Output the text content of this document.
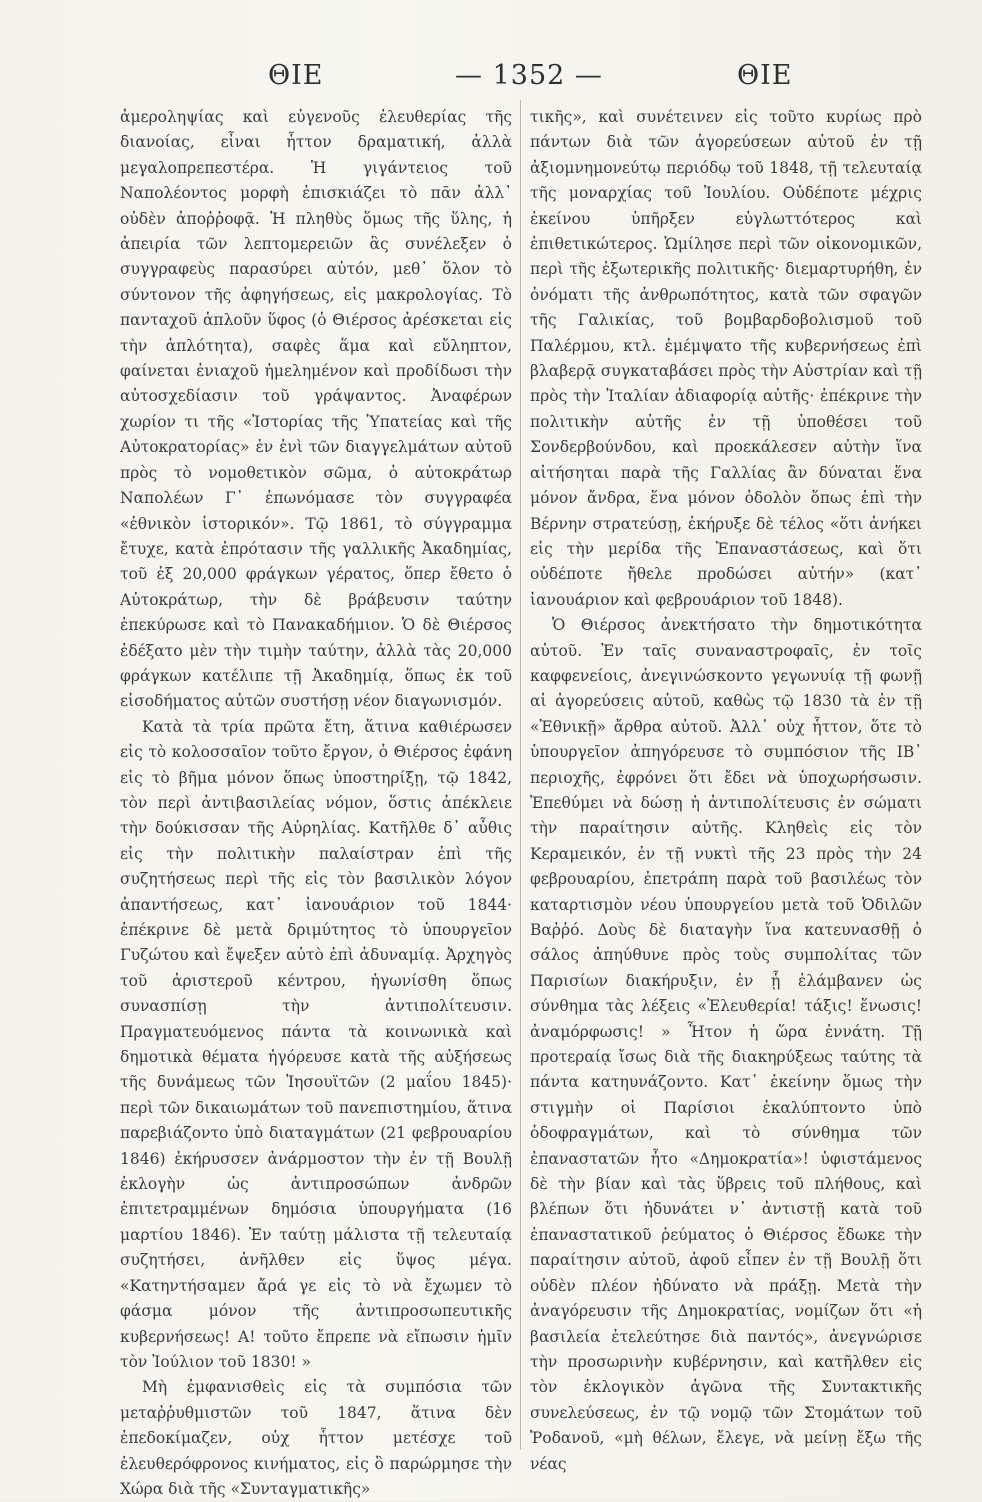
ΘΙΕ	— 1352 —	ΘΙΕ

ἀμεροληψίας καὶ εὐγενοῦς ἐλευθερίας τῆς διανοίας, εἶναι ἧττον δραματική, ἀλλὰ μεγαλοπρεπεστέρα. Ἡ γιγάντειος τοῦ Ναπολέοντος μορφὴ ἐπισκιάζει τὸ πᾶν ἀλλ᾽ οὐδὲν ἀποῤῥοφᾷ. Ἡ πληθὺς ὅμως τῆς ὕλης, ἡ ἀπειρία τῶν λεπτομερειῶν ἃς συνέλεξεν ὁ συγγραφεὺς παρασύρει αὐτόν, μεθ᾽ ὅλον τὸ σύντονον τῆς ἀφηγήσεως, εἰς μακρολογίας. Τὸ πανταχοῦ ἁπλοῦν ὕφος (ὁ Θιέρσος ἀρέσκεται εἰς τὴν ἁπλότητα), σαφὲς ἅμα καὶ εὔληπτον, φαίνεται ἐνιαχοῦ ἠμελημένον καὶ προδίδωσι τὴν αὐτοσχεδίασιν τοῦ γράψαντος. Ἀναφέρων χωρίον τι τῆς «Ἱστορίας τῆς Ὑπατείας καὶ τῆς Αὐτοκρατορίας» ἐν ἑνὶ τῶν διαγγελμάτων αὐτοῦ πρὸς τὸ νομοθετικὸν σῶμα, ὁ αὐτοκράτωρ Ναπολέων Γ᾽ ἐπωνόμασε τὸν συγγραφέα «ἐθνικὸν ἱστορικόν». Τῷ 1861, τὸ σύγγραμμα ἔτυχε, κατὰ ἐπρότασιν τῆς γαλλικῆς Ἀκαδημίας, τοῦ ἐξ 20,000 φράγκων γέρατος, ὅπερ ἔθετο ὁ Αὐτοκράτωρ, τὴν δὲ βράβευσιν ταύτην ἐπεκύρωσε καὶ τὸ Πανακαδήμιον. Ὁ δὲ Θιέρσος ἐδέξατο μὲν τὴν τιμὴν ταύτην, ἀλλὰ τὰς 20,000 φράγκων κατέλιπε τῇ Ἀκαδημίᾳ, ὅπως ἐκ τοῦ εἰσοδήματος αὐτῶν συστήσῃ νέον διαγωνισμόν.

Κατὰ τὰ τρία πρῶτα ἔτη, ἅτινα καθιέρωσεν εἰς τὸ κολοσσαῖον τοῦτο ἔργον, ὁ Θιέρσος ἐφάνη εἰς τὸ βῆμα μόνον ὅπως ὑποστηρίξῃ, τῷ 1842, τὸν περὶ ἀντιβασιλείας νόμον, ὅστις ἀπέκλειε τὴν δούκισσαν τῆς Αὐρηλίας. Κατῆλθε δ᾽ αὖθις εἰς τὴν πολιτικὴν παλαίστραν ἐπὶ τῆς συζητήσεως περὶ τῆς εἰς τὸν βασιλικὸν λόγον ἀπαντήσεως, κατ᾽ ἰανουάριον τοῦ 1844· ἐπέκρινε δὲ μετὰ δριμύτητος τὸ ὑπουργεῖον Γυζώτου καὶ ἔψεξεν αὐτὸ ἐπὶ ἀδυναμίᾳ. Ἀρχηγὸς τοῦ ἀριστεροῦ κέντρου, ἠγωνίσθη ὅπως συνασπίσῃ τὴν ἀντιπολίτευσιν. Πραγματευόμενος πάντα τὰ κοινωνικὰ καὶ δημοτικὰ θέματα ἠγόρευσε κατὰ τῆς αὐξήσεως τῆς δυνάμεως τῶν Ἰησουϊτῶν (2 μαΐου 1845)· περὶ τῶν δικαιωμάτων τοῦ πανεπιστημίου, ἅτινα παρεβιάζοντο ὑπὸ διαταγμάτων (21 φεβρουαρίου 1846) ἐκήρυσσεν ἀνάρμοστον τὴν ἐν τῇ Βουλῇ ἐκλογὴν ὡς ἀντιπροσώπων ἀνδρῶν ἐπιτετραμμένων δημόσια ὑπουργήματα (16 μαρτίου 1846). Ἐν ταύτῃ μάλιστα τῇ τελευταίᾳ συζητήσει, ἀνῆλθεν εἰς ὕψος μέγα. «Κατηντήσαμεν ἄρά γε εἰς τὸ νὰ ἔχωμεν τὸ φάσμα μόνον τῆς ἀντιπροσωπευτικῆς κυβερνήσεως! Α! τοῦτο ἔπρεπε νὰ εἴπωσιν ἡμῖν τὸν Ἰούλιον τοῦ 1830! »

Μὴ ἐμφανισθεὶς εἰς τὰ συμπόσια τῶν μεταῤῥυθμιστῶν τοῦ 1847, ἅτινα δὲν ἐπεδοκίμαζεν, οὐχ ἧττον μετέσχε τοῦ ἐλευθερόφρονος κινήματος, εἰς ὃ παρώρμησε τὴν Χώρα διὰ τῆς «Συνταγματικῆς»

τικῆς», καὶ συνέτεινεν εἰς τοῦτο κυρίως πρὸ πάντων διὰ τῶν ἀγορεύσεων αὐτοῦ ἐν τῇ ἀξιομνημονεύτῳ περιόδῳ τοῦ 1848, τῇ τελευταίᾳ τῆς μοναρχίας τοῦ Ἰουλίου. Οὐδέποτε μέχρις ἐκείνου ὑπῆρξεν εὐγλωττότερος καὶ ἐπιθετικώτερος. Ὡμίλησε περὶ τῶν οἰκονομικῶν, περὶ τῆς ἐξωτερικῆς πολιτικῆς· διεμαρτυρήθη, ἐν ὀνόματι τῆς ἀνθρωπότητος, κατὰ τῶν σφαγῶν τῆς Γαλικίας, τοῦ βομβαρδοβολισμοῦ τοῦ Παλέρμου, κτλ. ἐμέμψατο τῆς κυβερνήσεως ἐπὶ βλαβερᾷ συγκαταβάσει πρὸς τὴν Αὐστρίαν καὶ τῇ πρὸς τὴν Ἰταλίαν ἀδιαφορίᾳ αὐτῆς· ἐπέκρινε τὴν πολιτικὴν αὐτῆς ἐν τῇ ὑποθέσει τοῦ Σονδερβούνδου, καὶ προεκάλεσεν αὐτὴν ἵνα αἰτήσηται παρὰ τῆς Γαλλίας ἂν δύναται ἕνα μόνον ἄνδρα, ἕνα μόνον ὁδολὸν ὅπως ἐπὶ τὴν Βέρνην στρατεύσῃ, ἐκήρυξε δὲ τέλος «ὅτι ἀνήκει εἰς τὴν μερίδα τῆς Ἐπαναστάσεως, καὶ ὅτι οὐδέποτε ἤθελε προδώσει αὐτήν» (κατ᾽ ἰανουάριον καὶ φεβρουάριον τοῦ 1848).

Ὁ Θιέρσος ἀνεκτήσατο τὴν δημοτικότητα αὐτοῦ. Ἐν ταῖς συναναστροφαῖς, ἐν τοῖς καφφενείοις, ἀνεγινώσκοντο γεγωνυίᾳ τῇ φωνῇ αἱ ἀγορεύσεις αὐτοῦ, καθὼς τῷ 1830 τὰ ἐν τῇ «Ἐθνικῇ» ἄρθρα αὐτοῦ. Ἀλλ᾽ οὐχ ἧττον, ὅτε τὸ ὑπουργεῖον ἀπηγόρευσε τὸ συμπόσιον τῆς ΙΒ᾽ περιοχῆς, ἐφρόνει ὅτι ἔδει νὰ ὑποχωρήσωσιν. Ἐπεθύμει νὰ δώσῃ ἡ ἀντιπολίτευσις ἐν σώματι τὴν παραίτησιν αὐτῆς. Κληθεὶς εἰς τὸν Κεραμεικόν, ἐν τῇ νυκτὶ τῆς 23 πρὸς τὴν 24 φεβρουαρίου, ἐπετράπη παρὰ τοῦ βασιλέως τὸν καταρτισμὸν νέου ὑπουργείου μετὰ τοῦ Ὀδιλῶν Βαῤῥό. Δοὺς δὲ διαταγὴν ἵνα κατευνασθῇ ὁ σάλος ἀπηύθυνε πρὸς τοὺς συμπολίτας τῶν Παρισίων διακήρυξιν, ἐν ᾗ ἐλάμβανεν ὡς σύνθημα τὰς λέξεις «Ἐλευθερία! τάξις! ἕνωσις! ἀναμόρφωσις! » Ἦτον ἡ ὥρα ἐννάτη. Τῇ προτεραίᾳ ἴσως διὰ τῆς διακηρύξεως ταύτης τὰ πάντα κατηυνάζοντο. Κατ᾽ ἐκείνην ὅμως τὴν στιγμὴν οἱ Παρίσιοι ἐκαλύπτοντο ὑπὸ ὁδοφραγμάτων, καὶ τὸ σύνθημα τῶν ἐπαναστατῶν ἦτο «Δημοκρατία»! ὑφιστάμενος δὲ τὴν βίαν καὶ τὰς ὕβρεις τοῦ πλήθους, καὶ βλέπων ὅτι ἠδυνάτει ν᾽ ἀντιστῇ κατὰ τοῦ ἐπαναστατικοῦ ῥεύματος ὁ Θιέρσος ἔδωκε τὴν παραίτησιν αὐτοῦ, ἀφοῦ εἶπεν ἐν τῇ Βουλῇ ὅτι οὐδὲν πλέον ἠδύνατο νὰ πράξῃ. Μετὰ τὴν ἀναγόρευσιν τῆς Δημοκρατίας, νομίζων ὅτι «ἡ βασιλεία ἐτελεύτησε διὰ παντός», ἀνεγνώρισε τὴν προσωρινὴν κυβέρνησιν, καὶ κατῆλθεν εἰς τὸν ἐκλογικὸν ἀγῶνα τῆς Συντακτικῆς συνελεύσεως, ἐν τῷ νομῷ τῶν Στομάτων τοῦ Ῥοδανοῦ, «μὴ θέλων, ἔλεγε, νὰ μείνῃ ἔξω τῆς νέας
